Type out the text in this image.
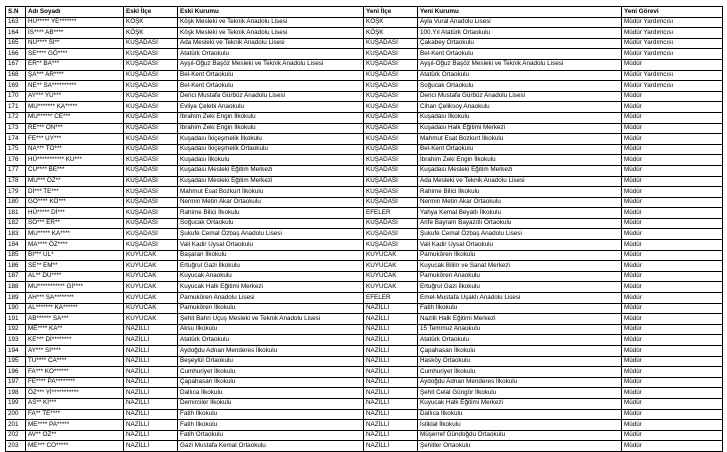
S.N	Adı Soyadı	Eski İlçe	Eski Kurumu	Yeni İlçe	Yeni Kurumu	Yeni Görevi
163	HU***** YE*******	KÖŞK	Köşk Mesleki ve Teknik Anadolu Lisesi	KÖŞK	Ayla Vural Anadolu Lisesi	Müdür Yardımcısı
164	İS**** AB****	KÖŞK	Köşk Mesleki ve Teknik Anadolu Lisesi	KÖŞK	100.Yıl Atatürk Ortaokulu	Müdür Yardımcısı
165	NU**** Sİ**	KUŞADASI	Ada Mesleki ve Teknik Anadolu Lisesi	KUŞADASI	Çakabey Ortaokulu	Müdür Yardımcısı
166	SE**** GÖ****	KUŞADASI	Atatürk Ortaokulu	KUŞADASI	Bel-Kent Ortaokulu	Müdür Yardımcısı
167	ER** BA***	KUŞADASI	Ayşıl-Oğuz Başöz Mesleki ve Teknik Anadolu Lisesi	KUŞADASI	Ayşıl-Oğuz Başöz Mesleki ve Teknik Anadolu Lisesi	Müdür
168	ŞA*** AR****	KUŞADASI	Bel-Kent Ortaokulu	KUŞADASI	Atatürk Ortaokulu	Müdür Yardımcısı
169	NE** SA**********	KUŞADASI	Bel-Kent Ortaokulu	KUŞADASI	Soğucak Ortaokulu	Müdür Yardımcısı
170	AY*** YÜ***	KUŞADASI	Derici Mustafa Gürbüz Anadolu Lisesi	KUŞADASI	Derici Mustafa Gürbüz Anadolu Lisesi	Müdür
171	MU******* KA*****	KUŞADASI	Evliya Çelebi Anaokulu	KUŞADASI	Cihan Çeliksoy Anaokulu	Müdür
172	MU****** CE***	KUŞADASI	İbrahim Zeki Engin İlkokulu	KUŞADASI	Kuşadası İlkokulu	Müdür
173	RE*** ÖN***	KUŞADASI	İbrahim Zeki Engin İlkokulu	KUŞADASI	Kuşadası Halk Eğitimi Merkezi	Müdür
174	FE*** UY***	KUŞADASI	Kuşadası İkiçeşmelik İlkokulu	KUŞADASI	Mahmut Esat Bozkurt İlkokulu	Müdür
175	NA*** TO***	KUŞADASI	Kuşadası İkiçeşmelik Ortaokulu	KUŞADASI	Bel-Kent Ortaokulu	Müdür
176	HÜ*********** KU***	KUŞADASI	Kuşadası İlkokulu	KUŞADASI	İbrahim Zeki Engin İlkokulu	Müdür
177	CU**** BE***	KUŞADASI	Kuşadası Mesleki Eğitim Merkezi	KUŞADASI	Kuşadası Mesleki Eğitim Merkezi	Müdür
178	MU*** ÖZ**	KUŞADASI	Kuşadası Mesleki Eğitim Merkezi	KUŞADASI	Ada Mesleki ve Teknik Anadolu Lisesi	Müdür
179	Dİ*** TE***	KUŞADASI	Mahmut Esat Bozkurt İlkokulu	KUŞADASI	Rahime Bilici İlkokulu	Müdür
180	GÖ**** KO***	KUŞADASI	Nermin Metin Akar Ortaokulu	KUŞADASI	Nermin Metin Akar Ortaokulu	Müdür
181	HÜ***** Dİ***	KUŞADASI	Rahime Bilici İlkokulu	EFELER	Yahya Kemal Beyatlı İlkokulu	Müdür
182	SO*** ER**	KUŞADASI	Soğucak Ortaokulu	KUŞADASI	Arife Bayram Bayazıtlı Ortaokulu	Müdür
183	MU***** KA****	KUŞADASI	Şukufe Cemal Özbaş Anadolu Lisesi	KUŞADASI	Şukufe Cemal Özbaş Anadolu Lisesi	Müdür
184	MA**** ÖZ****	KUŞADASI	Vali Kadir Uysal Ortaokulu	KUŞADASI	Vali Kadir Uysal Ortaokulu	Müdür
185	Bİ*** UL*	KUYUCAK	Başaran İlkokulu	KUYUCAK	Pamukören İlkokulu	Müdür
186	SE** EM**	KUYUCAK	Ertuğrul Gazi İlkokulu	KUYUCAK	Kuyucak Bilim ve Sanat Merkezi	Müdür
187	AL** DÜ****	KUYUCAK	Kuyucak Anaokulu	KUYUCAK	Pamukören Anaokulu	Müdür
188	MU*********** Gİ****	KUYUCAK	Kuyucak Halk Eğitimi Merkezi	KUYUCAK	Ertuğrul Gazi İlkokulu	Müdür
189	AH*** SA********	KUYUCAK	Pamukören Anadolu Lisesi	EFELER	Emel-Mustafa Uşaklı Anadolu Lisesi	Müdür
190	AL******* KA******	KUYUCAK	Pamukören İlkokulu	NAZİLLİ	Fatih İlkokulu	Müdür
191	AB****** SA***	KUYUCAK	Şehit Bahri Uçuş Mesleki ve Teknik Anadolu Lisesi	NAZİLLİ	Nazilli Halk Eğitimi Merkezi	Müdür
192	ME**** KA**	NAZİLLİ	Aksu İlkokulu	NAZİLLİ	15 Temmuz Anaokulu	Müdür
193	KE*** Dİ********	NAZİLLİ	Atatürk Ortaokulu	NAZİLLİ	Atatürk Ortaokulu	Müdür
194	AY*** Sİ****	NAZİLLİ	Aydoğdu Adnan Menderes İlkokulu	NAZİLLİ	Çapahasan İlkokulu	Müdür
195	TU**** CA****	NAZİLLİ	Beşeylül Ortaokulu	NAZİLLİ	Hasköy Ortaokulu	Müdür
196	FA*** KO******	NAZİLLİ	Cumhuriyet İlkokulu	NAZİLLİ	Cumhuriyet İlkokulu	Müdür
197	FE**** PA********	NAZİLLİ	Çapahasan İlkokulu	NAZİLLİ	Aydoğdu Adnan Menderes İlkokulu	Müdür
198	ÖZ*** Yİ***********	NAZİLLİ	Dallıca İlkokulu	NAZİLLİ	Şehit Celal Güngör İlkokulu	Müdür
199	AS** Kİ***	NAZİLLİ	Demirciler İlkokulu	NAZİLLİ	Kuyucak Halk Eğitimi Merkezi	Müdür
200	FA** TE****	NAZİLLİ	Fatih İlkokulu	NAZİLLİ	Dallıca İlkokulu	Müdür
201	ME**** PA*****	NAZİLLİ	Fatih İlkokulu	NAZİLLİ	İstiklal İlkokulu	Müdür
202	AV** OZ**	NAZİLLİ	Fatih Ortaokulu	NAZİLLİ	Müşerref Gündoğdu Ortaokulu	Müdür
203	ME*** CO*****	NAZİLLİ	Gazi Mustafa Kemal Ortaokulu	NAZİLLİ	Şehitler Ortaokulu	Müdür
